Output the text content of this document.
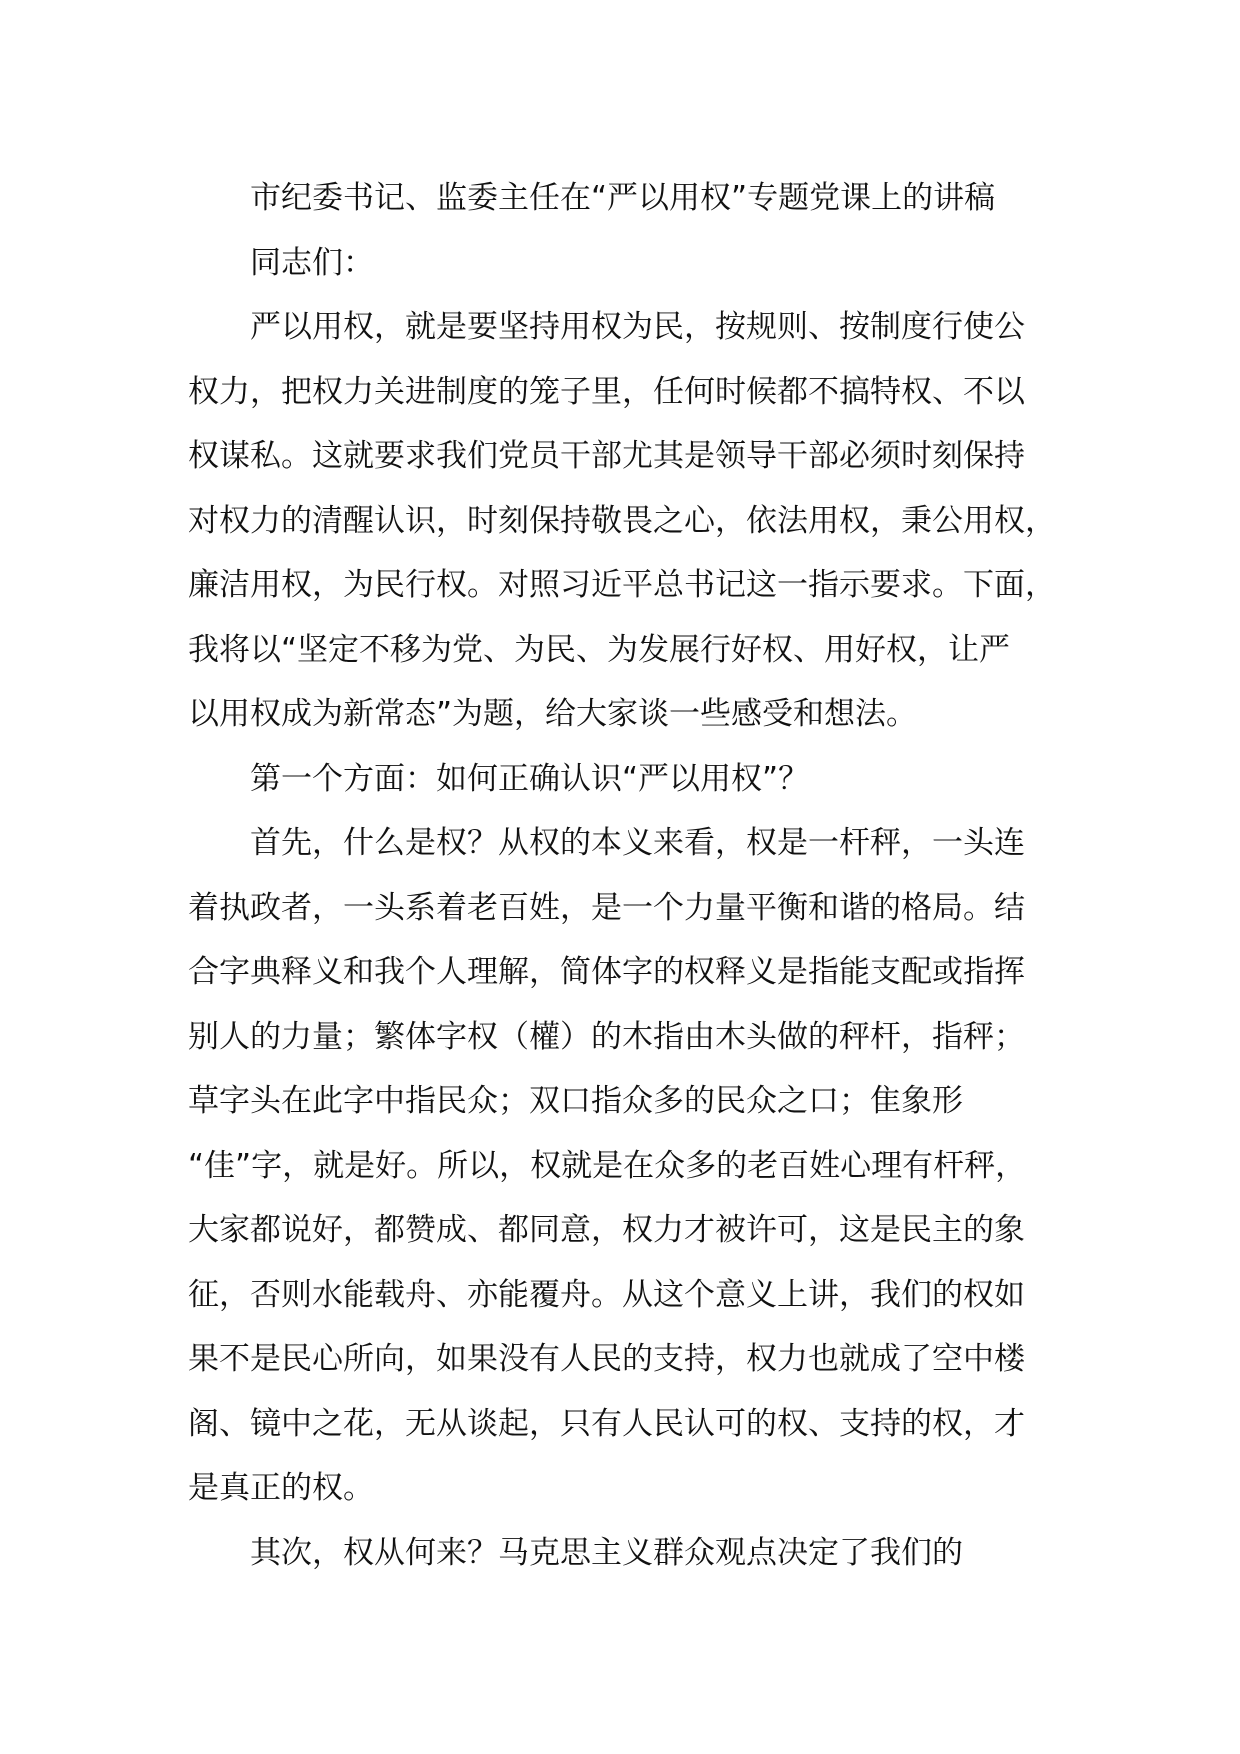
市纪委书记、监委主任在“严以用权”专题党课上的讲稿
同志们：
严以用权，就是要坚持用权为民，按规则、按制度行使公
权力，把权力关进制度的笼子里，任何时候都不搞特权、不以
权谋私。这就要求我们党员干部尤其是领导干部必须时刻保持
对权力的清醒认识，时刻保持敬畏之心，依法用权，秉公用权，
廉洁用权，为民行权。对照习近平总书记这一指示要求。下面，
我将以“坚定不移为党、为民、为发展行好权、用好权，让严
以用权成为新常态”为题，给大家谈一些感受和想法。
第一个方面：如何正确认识“严以用权”？
首先，什么是权？从权的本义来看，权是一杆秤，一头连
着执政者，一头系着老百姓，是一个力量平衡和谐的格局。结
合字典释义和我个人理解，简体字的权释义是指能支配或指挥
别人的力量；繁体字权（權）的木指由木头做的秤杆，指秤；
草字头在此字中指民众；双口指众多的民众之口；隹象形
“佳”字，就是好。所以，权就是在众多的老百姓心理有杆秤，
大家都说好，都赞成、都同意，权力才被许可，这是民主的象
征，否则水能载舟、亦能覆舟。从这个意义上讲，我们的权如
果不是民心所向，如果没有人民的支持，权力也就成了空中楼
阁、镜中之花，无从谈起，只有人民认可的权、支持的权，才
是真正的权。
其次，权从何来？马克思主义群众观点决定了我们的
